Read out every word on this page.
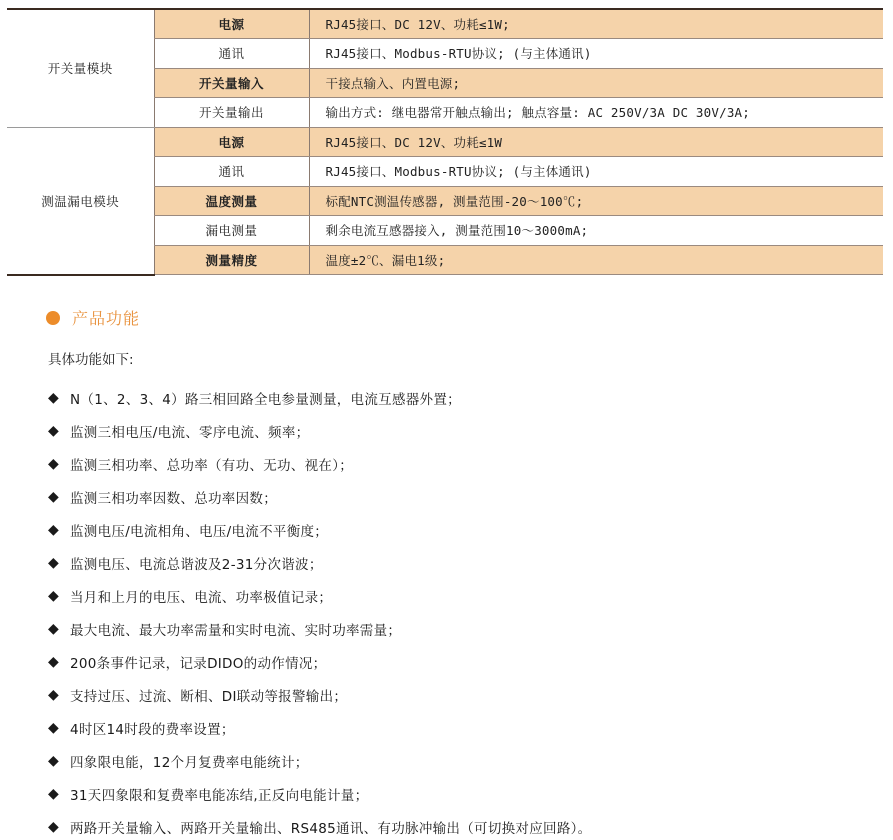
开关量模块	电源	RJ45接口、DC 12V、功耗≤1W;
	通讯	RJ45接口、Modbus-RTU协议; (与主体通讯)
	开关量输入	干接点输入、内置电源;
	开关量输出	输出方式: 继电器常开触点输出; 触点容量: AC 250V/3A DC 30V/3A;
测温漏电模块	电源	RJ45接口、DC 12V、功耗≤1W
	通讯	RJ45接口、Modbus-RTU协议; (与主体通讯)
	温度测量	标配NTC测温传感器, 测量范围-20～100℃;
	漏电测量	剩余电流互感器接入, 测量范围10～3000mA;
	测量精度	温度±2℃、漏电1级;
产品功能
具体功能如下:
◆ N（1、2、3、4）路三相回路全电参量测量，电流互感器外置；
◆ 监测三相电压/电流、零序电流、频率；
◆ 监测三相功率、总功率（有功、无功、视在）；
◆ 监测三相功率因数、总功率因数；
◆ 监测电压/电流相角、电压/电流不平衡度；
◆ 监测电压、电流总谐波及2-31分次谐波；
◆ 当月和上月的电压、电流、功率极值记录；
◆ 最大电流、最大功率需量和实时电流、实时功率需量；
◆ 200条事件记录，记录DIDO的动作情况；
◆ 支持过压、过流、断相、DI联动等报警输出；
◆ 4时区14时段的费率设置；
◆ 四象限电能，12个月复费率电能统计；
◆ 31天四象限和复费率电能冻结,正反向电能计量；
◆ 两路开关量输入、两路开关量输出、RS485通讯、有功脉冲输出（可切换对应回路）。
